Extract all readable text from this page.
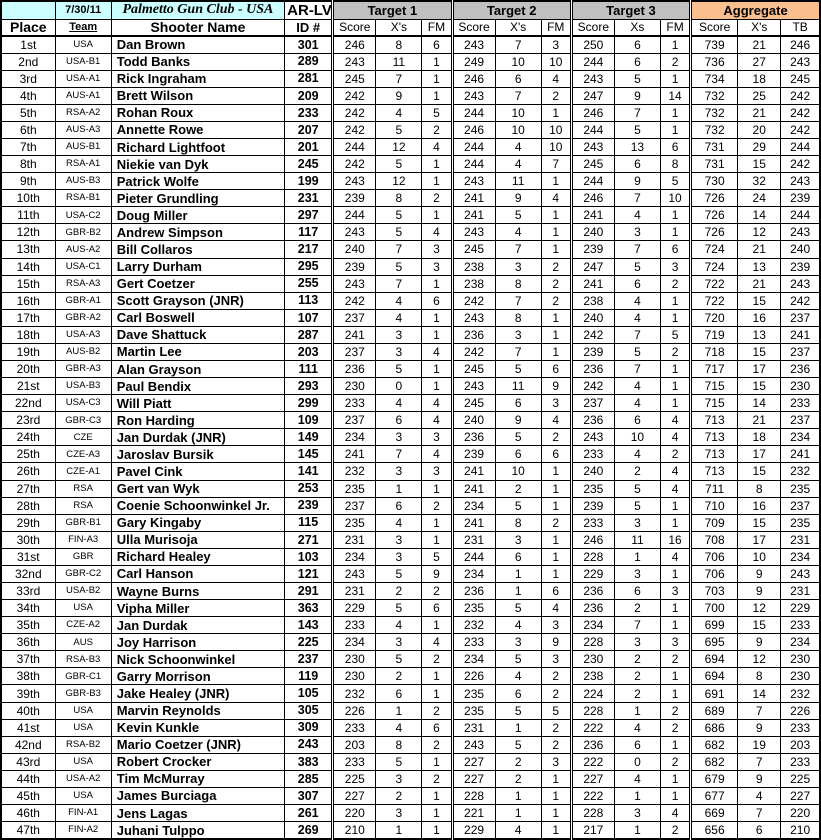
	7/30/11	Palmetto Gun Club - USA	AR-LV	Target 1			Target 2			Target 3			Aggregate		
Place	Team	Shooter Name	ID #	Score	X's	FM	Score	X's	FM	Score	Xs	FM	Score	X's	TB
1st	USA	Dan Brown	301	246	8	6	243	7	3	250	6	1	739	21	246
2nd	USA-B1	Todd Banks	289	243	11	1	249	10	10	244	6	2	736	27	243
3rd	USA-A1	Rick Ingraham	281	245	7	1	246	6	4	243	5	1	734	18	245
4th	AUS-A1	Brett Wilson	209	242	9	1	243	7	2	247	9	14	732	25	242
5th	RSA-A2	Rohan Roux	233	242	4	5	244	10	1	246	7	1	732	21	242
6th	AUS-A3	Annette Rowe	207	242	5	2	246	10	10	244	5	1	732	20	242
7th	AUS-B1	Richard Lightfoot	201	244	12	4	244	4	10	243	13	6	731	29	244
8th	RSA-A1	Niekie van Dyk	245	242	5	1	244	4	7	245	6	8	731	15	242
9th	AUS-B3	Patrick Wolfe	199	243	12	1	243	11	1	244	9	5	730	32	243
10th	RSA-B1	Pieter Grundling	231	239	8	2	241	9	4	246	7	10	726	24	239
11th	USA-C2	Doug Miller	297	244	5	1	241	5	1	241	4	1	726	14	244
12th	GBR-B2	Andrew Simpson	117	243	5	4	243	4	1	240	3	1	726	12	243
13th	AUS-A2	Bill Collaros	217	240	7	3	245	7	1	239	7	6	724	21	240
14th	USA-C1	Larry Durham	295	239	5	3	238	3	2	247	5	3	724	13	239
15th	RSA-A3	Gert Coetzer	255	243	7	1	238	8	2	241	6	2	722	21	243
16th	GBR-A1	Scott Grayson (JNR)	113	242	4	6	242	7	2	238	4	1	722	15	242
17th	GBR-A2	Carl Boswell	107	237	4	1	243	8	1	240	4	1	720	16	237
18th	USA-A3	Dave Shattuck	287	241	3	1	236	3	1	242	7	5	719	13	241
19th	AUS-B2	Martin Lee	203	237	3	4	242	7	1	239	5	2	718	15	237
20th	GBR-A3	Alan Grayson	111	236	5	1	245	5	6	236	7	1	717	17	236
21st	USA-B3	Paul Bendix	293	230	0	1	243	11	9	242	4	1	715	15	230
22nd	USA-C3	Will Piatt	299	233	4	4	245	6	3	237	4	1	715	14	233
23rd	GBR-C3	Ron Harding	109	237	6	4	240	9	4	236	6	4	713	21	237
24th	CZE	Jan Durdak (JNR)	149	234	3	3	236	5	2	243	10	4	713	18	234
25th	CZE-A3	Jaroslav Bursik	145	241	7	4	239	6	6	233	4	2	713	17	241
26th	CZE-A1	Pavel Cink	141	232	3	3	241	10	1	240	2	4	713	15	232
27th	RSA	Gert van Wyk	253	235	1	1	241	2	1	235	5	4	711	8	235
28th	RSA	Coenie Schoonwinkel Jr.	239	237	6	2	234	5	1	239	5	1	710	16	237
29th	GBR-B1	Gary Kingaby	115	235	4	1	241	8	2	233	3	1	709	15	235
30th	FIN-A3	Ulla Murisoja	271	231	3	1	231	3	1	246	11	16	708	17	231
31st	GBR	Richard Healey	103	234	3	5	244	6	1	228	1	4	706	10	234
32nd	GBR-C2	Carl Hanson	121	243	5	9	234	1	1	229	3	1	706	9	243
33rd	USA-B2	Wayne Burns	291	231	2	2	236	1	6	236	6	3	703	9	231
34th	USA	Vipha Miller	363	229	5	6	235	5	4	236	2	1	700	12	229
35th	CZE-A2	Jan Durdak	143	233	4	1	232	4	3	234	7	1	699	15	233
36th	AUS	Joy Harrison	225	234	3	4	233	3	9	228	3	3	695	9	234
37th	RSA-B3	Nick Schoonwinkel	237	230	5	2	234	5	3	230	2	2	694	12	230
38th	GBR-C1	Garry Morrison	119	230	2	1	226	4	2	238	2	1	694	8	230
39th	GBR-B3	Jake Healey (JNR)	105	232	6	1	235	6	2	224	2	1	691	14	232
40th	USA	Marvin Reynolds	305	226	1	2	235	5	5	228	1	2	689	7	226
41st	USA	Kevin Kunkle	309	233	4	6	231	1	2	222	4	2	686	9	233
42nd	RSA-B2	Mario Coetzer (JNR)	243	203	8	2	243	5	2	236	6	1	682	19	203
43rd	USA	Robert Crocker	383	233	5	1	227	2	3	222	0	2	682	7	233
44th	USA-A2	Tim McMurray	285	225	3	2	227	2	1	227	4	1	679	9	225
45th	USA	James Burciaga	307	227	2	1	228	1	1	222	1	1	677	4	227
46th	FIN-A1	Jens Lagas	261	220	3	1	221	1	1	228	3	4	669	7	220
47th	FIN-A2	Juhani Tulppo	269	210	1	1	229	4	1	217	1	2	656	6	210
